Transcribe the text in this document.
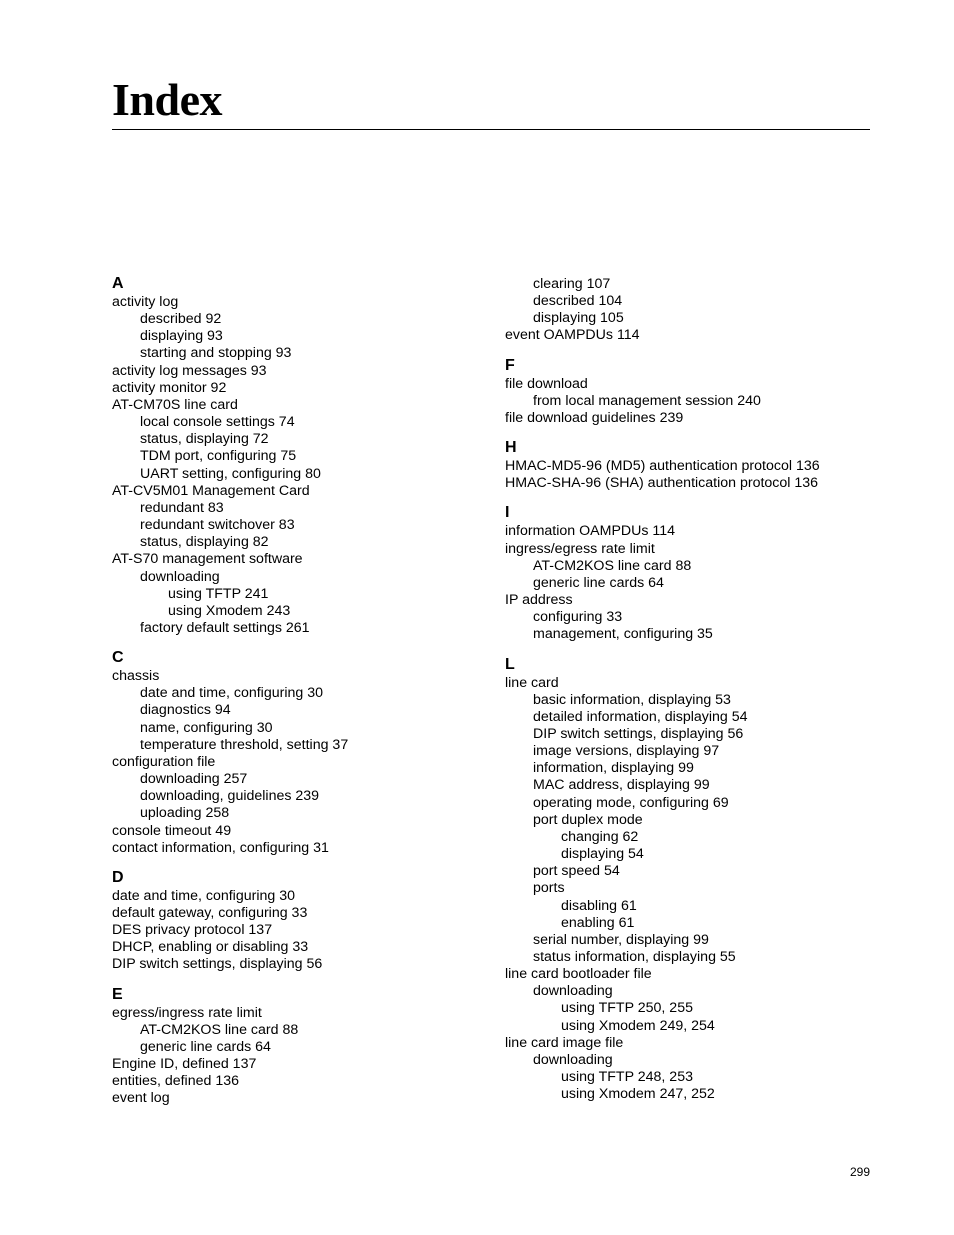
Index
A
activity log
described 92
displaying 93
starting and stopping 93
activity log messages 93
activity monitor 92
AT-CM70S line card
local console settings 74
status, displaying 72
TDM port, configuring 75
UART setting, configuring 80
AT-CV5M01 Management Card
redundant 83
redundant switchover 83
status, displaying 82
AT-S70 management software
downloading
using TFTP 241
using Xmodem 243
factory default settings 261
C
chassis
date and time, configuring 30
diagnostics 94
name, configuring 30
temperature threshold, setting 37
configuration file
downloading 257
downloading, guidelines 239
uploading 258
console timeout 49
contact information, configuring 31
D
date and time, configuring 30
default gateway, configuring 33
DES privacy protocol 137
DHCP, enabling or disabling 33
DIP switch settings, displaying 56
E
egress/ingress rate limit
AT-CM2KOS line card 88
generic line cards 64
Engine ID, defined 137
entities, defined 136
event log
clearing 107
described 104
displaying 105
event OAMPDUs 114
F
file download
from local management session 240
file download guidelines 239
H
HMAC-MD5-96 (MD5) authentication protocol 136
HMAC-SHA-96 (SHA) authentication protocol 136
I
information OAMPDUs 114
ingress/egress rate limit
AT-CM2KOS line card 88
generic line cards 64
IP address
configuring 33
management, configuring 35
L
line card
basic information, displaying 53
detailed information, displaying 54
DIP switch settings, displaying 56
image versions, displaying 97
information, displaying 99
MAC address, displaying 99
operating mode, configuring 69
port duplex mode
changing 62
displaying 54
port speed 54
ports
disabling 61
enabling 61
serial number, displaying 99
status information, displaying 55
line card bootloader file
downloading
using TFTP 250, 255
using Xmodem 249, 254
line card image file
downloading
using TFTP 248, 253
using Xmodem 247, 252
299
